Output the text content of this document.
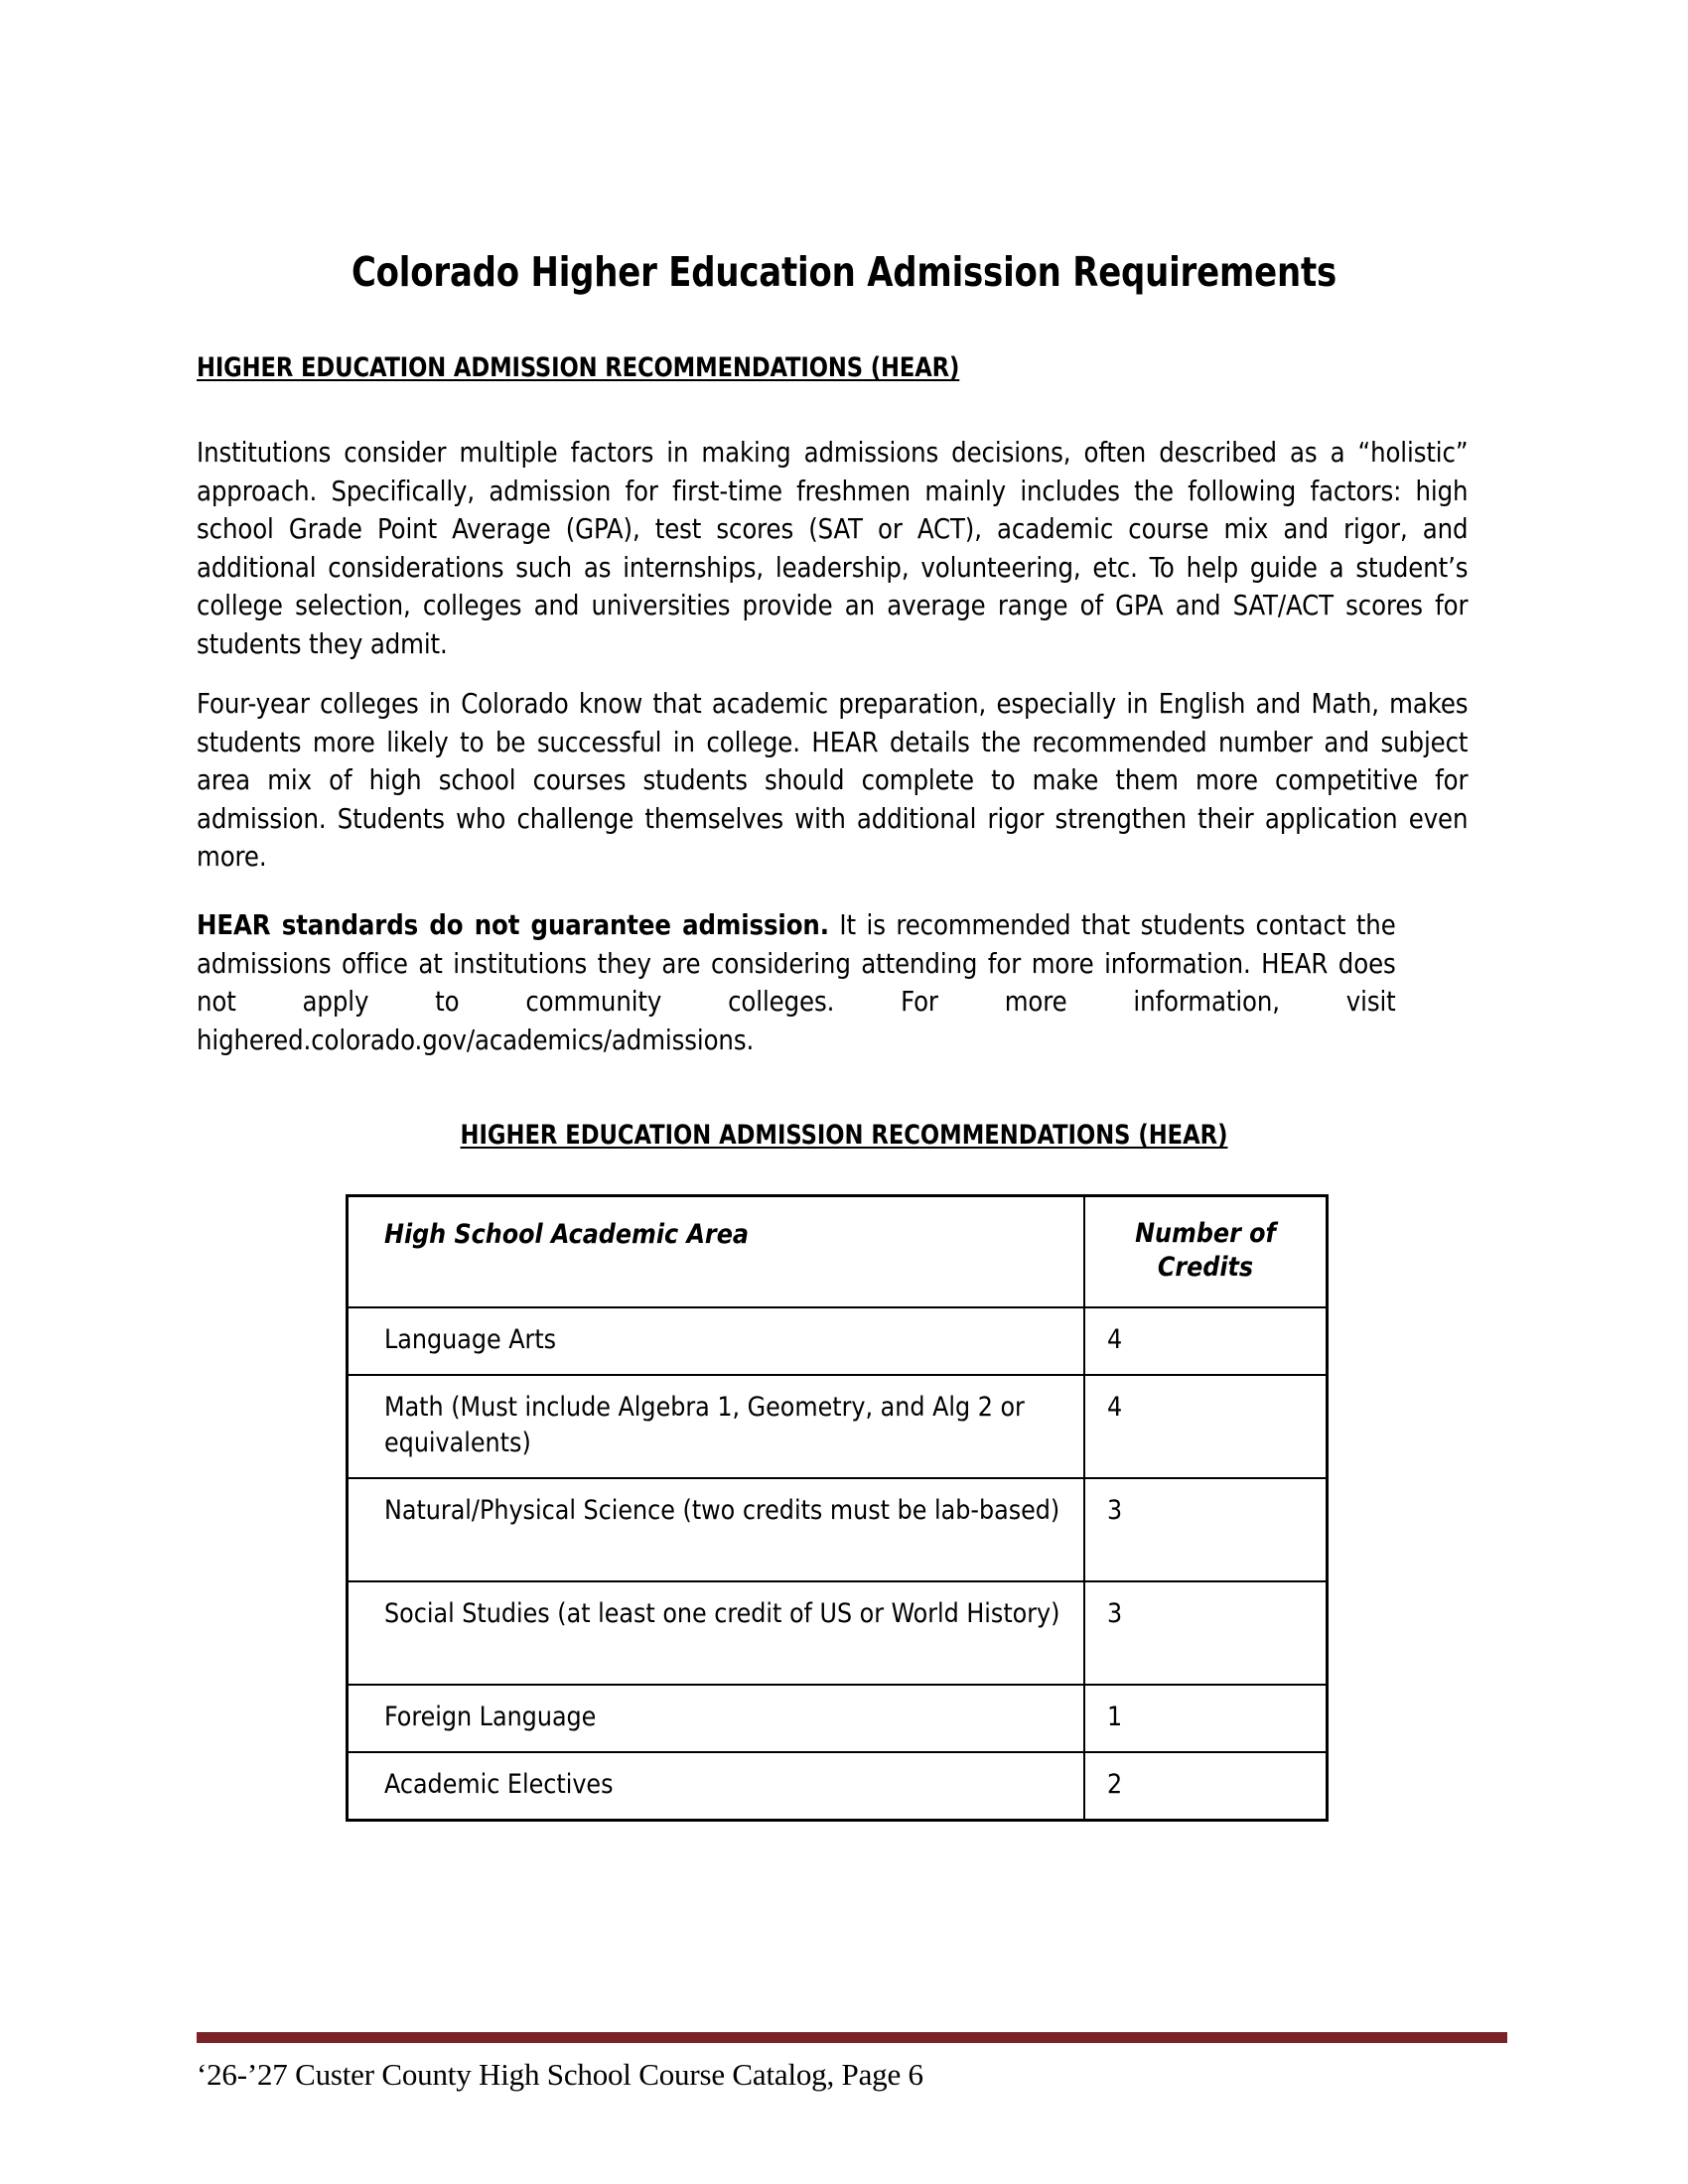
Colorado Higher Education Admission Requirements
HIGHER EDUCATION ADMISSION RECOMMENDATIONS (HEAR)

Institutions consider multiple factors in making admissions decisions, often described as a “holistic” approach. Specifically, admission for first-time freshmen mainly includes the following factors: high school Grade Point Average (GPA), test scores (SAT or ACT), academic course mix and rigor, and additional considerations such as internships, leadership, volunteering, etc. To help guide a student’s college selection, colleges and universities provide an average range of GPA and SAT/ACT scores for students they admit.

Four-year colleges in Colorado know that academic preparation, especially in English and Math, makes students more likely to be successful in college. HEAR details the recommended number and subject area mix of high school courses students should complete to make them more competitive for admission. Students who challenge themselves with additional rigor strengthen their application even more.

HEAR standards do not guarantee admission. It is recommended that students contact the admissions office at institutions they are considering attending for more information. HEAR does not apply to community colleges. For more information, visit highered.colorado.gov/academics/admissions.

HIGHER EDUCATION ADMISSION RECOMMENDATIONS (HEAR)
High School Academic Area	Number of
Credits
Language Arts	4
Math (Must include Algebra 1, Geometry, and Alg 2 or equivalents)	4
Natural/Physical Science (two credits must be lab-based)	3
Social Studies (at least one credit of US or World History)	3
Foreign Language	1
Academic Electives	2
‘26-’27 Custer County High School Course Catalog, Page 6
